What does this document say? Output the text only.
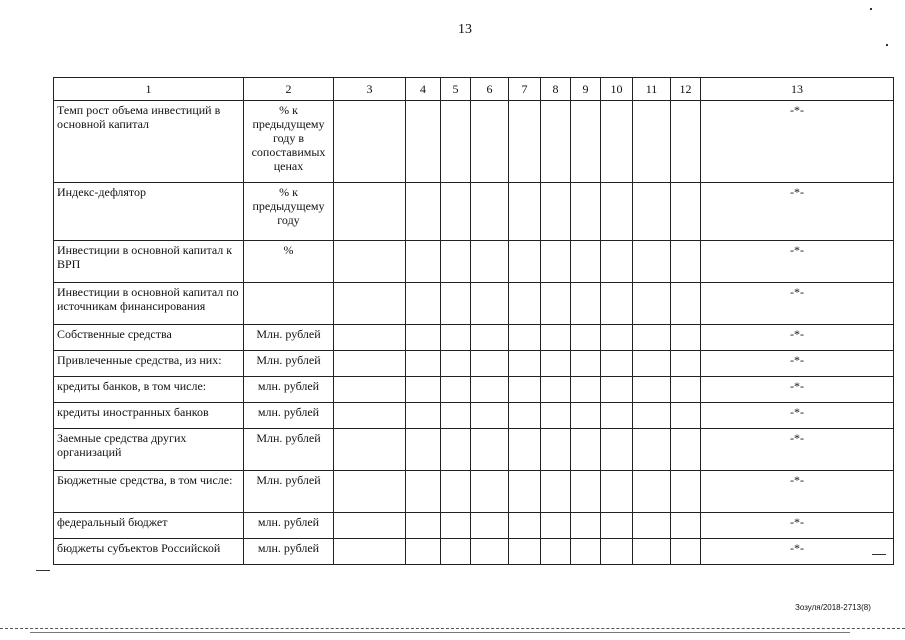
13
1	2	3	4	5	6	7	8	9	10	11	12	13
Темп рост объема инвестиций в основной капитал	% к предыдущему году в сопоставимых ценах											-*-
Индекс-дефлятор	% к предыдущему году											-*-
Инвестиции в основной капитал к ВРП	%											-*-
Инвестиции в основной капитал по источникам финансирования												-*-
Собственные средства	Млн. рублей											-*-
Привлеченные средства, из них:	Млн. рублей											-*-
кредиты банков, в том числе:	млн. рублей											-*-
кредиты иностранных банков	млн. рублей											-*-
Заемные средства других организаций	Млн. рублей											-*-
Бюджетные средства, в том числе:	Млн. рублей											-*-
федеральный бюджет	млн. рублей											-*-
бюджеты субъектов Российской	млн. рублей											-*-
Зозуля/2018-2713(8)
